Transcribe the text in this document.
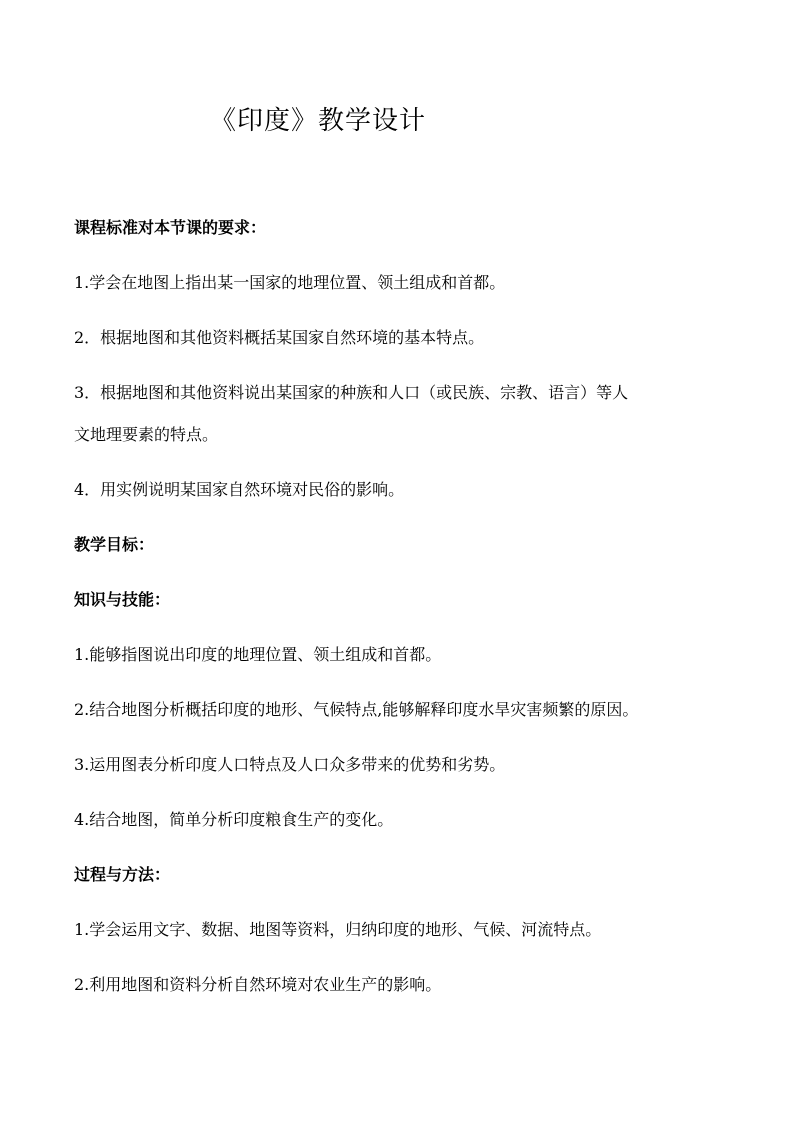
《印度》教学设计
课程标准对本节课的要求：
1.学会在地图上指出某一国家的地理位置、领土组成和首都。
2．根据地图和其他资料概括某国家自然环境的基本特点。
3．根据地图和其他资料说出某国家的种族和人口（或民族、宗教、语言）等人
文地理要素的特点。
4．用实例说明某国家自然环境对民俗的影响。
教学目标：
知识与技能：
1.能够指图说出印度的地理位置、领土组成和首都。
2.结合地图分析概括印度的地形、气候特点,能够解释印度水旱灾害频繁的原因。
3.运用图表分析印度人口特点及人口众多带来的优势和劣势。
4.结合地图，简单分析印度粮食生产的变化。
过程与方法：
1.学会运用文字、数据、地图等资料，归纳印度的地形、气候、河流特点。
2.利用地图和资料分析自然环境对农业生产的影响。
